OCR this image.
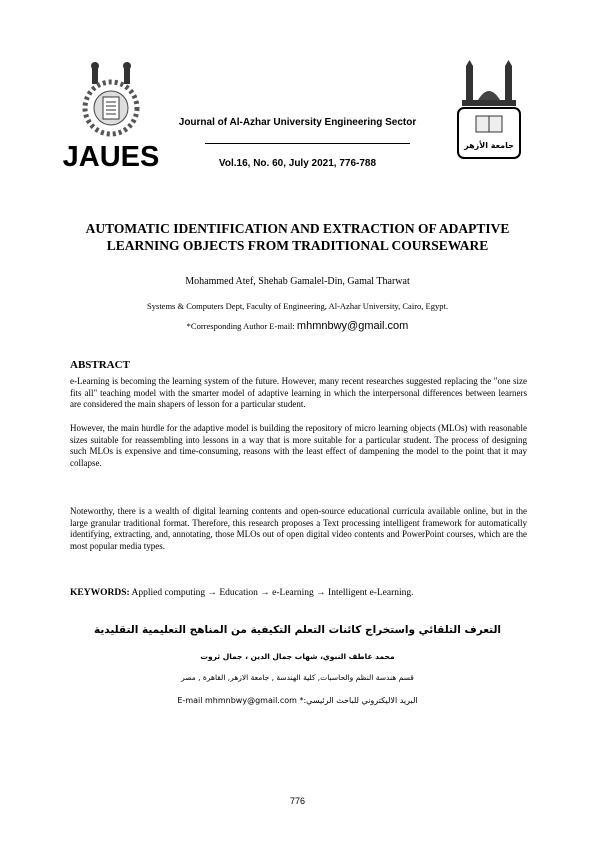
JAUES
Journal of Al-Azhar University Engineering Sector
Vol.16, No. 60, July 2021, 776-788
جامعة الأزهر
AUTOMATIC IDENTIFICATION AND EXTRACTION OF ADAPTIVE
LEARNING OBJECTS FROM TRADITIONAL COURSEWARE
Mohammed Atef, Shehab Gamalel-Din, Gamal Tharwat
Systems & Computers Dept, Faculty of Engineering, Al-Azhar University, Cairo, Egypt.
*Corresponding Author E-mail: mhmnbwy@gmail.com
ABSTRACT
e-Learning is becoming the learning system of the future. However, many recent researches suggested replacing the "one size fits all" teaching model with the smarter model of adaptive learning in which the interpersonal differences between learners are considered the main shapers of lesson for a particular student.
However, the main hurdle for the adaptive model is building the repository of micro learning objects (MLOs) with reasonable sizes suitable for reassembling into lessons in a way that is more suitable for a particular student. The process of designing such MLOs is expensive and time-consuming, reasons with the least effect of dampening the model to the point that it may collapse.
Noteworthy, there is a wealth of digital learning contents and open-source educational curricula available online, but in the large granular traditional format. Therefore, this research proposes a Text processing intelligent framework for automatically identifying, extracting, and, annotating, those MLOs out of open digital video contents and PowerPoint courses, which are the most popular media types.
KEYWORDS: Applied computing → Education → e-Learning → Intelligent e-Learning.
التعرف التلقائي واستخراج كائنات التعلم التكيفية من المناهج التعليمية التقليدية
محمد عاطف النبوي، شهاب جمال الدين ، جمال ثروت
قسم هندسة النظم والحاسبات, كلية الهندسة , جامعة الازهر, القاهرة , مصر
البريد الاليكتروني للباحث الرئيسي:* E-mail mhmnbwy@gmail.com
776
